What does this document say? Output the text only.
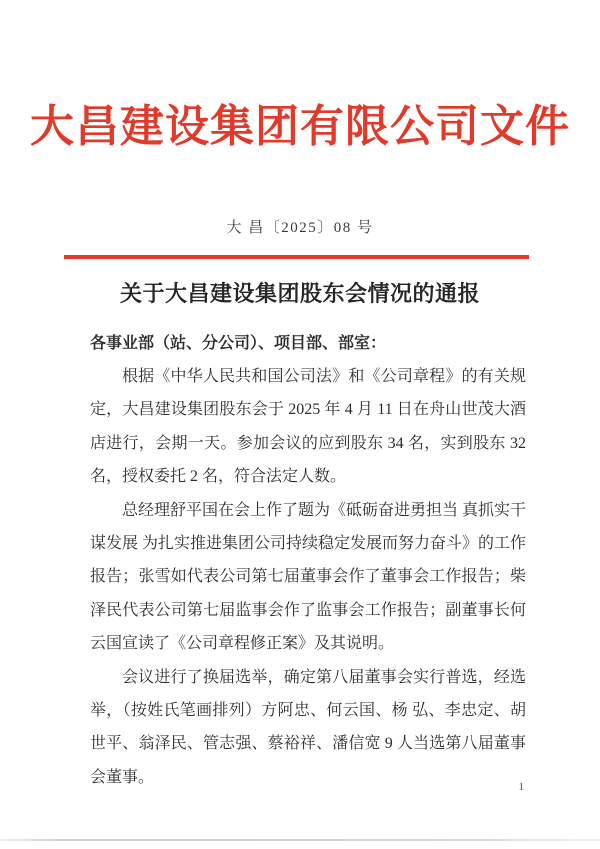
大昌建设集团有限公司文件
大 昌〔2025〕08 号
关于大昌建设集团股东会情况的通报
各事业部（站、分公司）、项目部、部室：

根据《中华人民共和国公司法》和《公司章程》的有关规定，大昌建设集团股东会于 2025 年 4 月 11 日在舟山世茂大酒店进行，会期一天。参加会议的应到股东 34 名，实到股东 32 名，授权委托 2 名，符合法定人数。

总经理舒平国在会上作了题为《砥砺奋进勇担当 真抓实干谋发展 为扎实推进集团公司持续稳定发展而努力奋斗》的工作报告；张雪如代表公司第七届董事会作了董事会工作报告；柴泽民代表公司第七届监事会作了监事会工作报告；副董事长何云国宣读了《公司章程修正案》及其说明。

会议进行了换届选举，确定第八届董事会实行普选，经选举，（按姓氏笔画排列）方阿忠、何云国、杨 弘、李忠定、胡世平、翁泽民、管志强、蔡裕祥、潘信宽 9 人当选第八届董事会董事。

1
